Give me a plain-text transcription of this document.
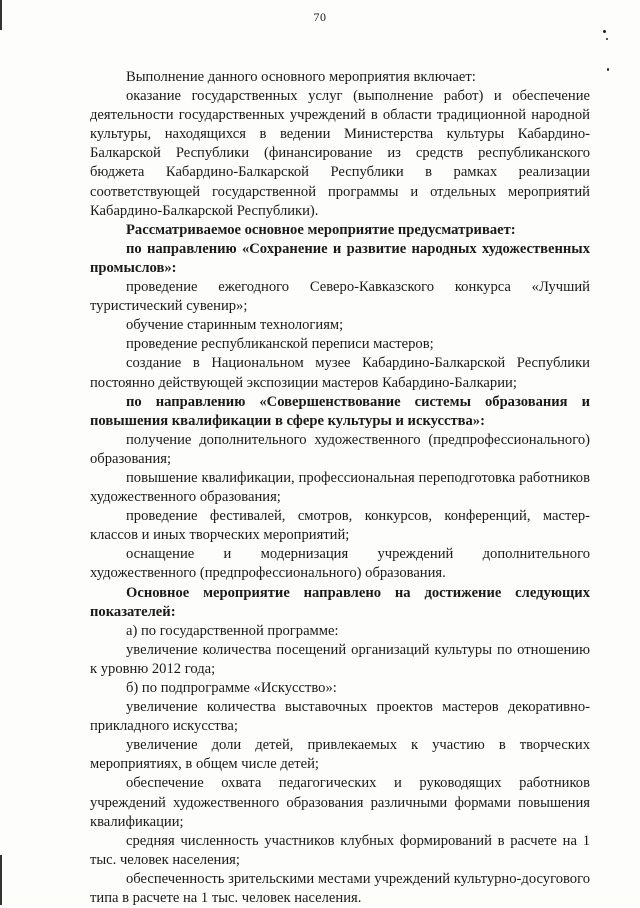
70

Выполнение данного основного мероприятия включает:

оказание государственных услуг (выполнение работ) и обеспечение деятельности государственных учреждений в области традиционной народной культуры, находящихся в ведении Министерства культуры Кабардино-Балкарской Республики (финансирование из средств республиканского бюджета Кабардино-Балкарской Республики в рамках реализации соответствующей государственной программы и отдельных мероприятий Кабардино-Балкарской Республики).

Рассматриваемое основное мероприятие предусматривает:

по направлению «Сохранение и развитие народных художественных промыслов»:

проведение ежегодного Северо-Кавказского конкурса «Лучший туристический сувенир»;

обучение старинным технологиям;

проведение республиканской переписи мастеров;

создание в Национальном музее Кабардино-Балкарской Республики постоянно действующей экспозиции мастеров Кабардино-Балкарии;

по направлению «Совершенствование системы образования и повышения квалификации в сфере культуры и искусства»:

получение дополнительного художественного (предпрофессионального) образования;

повышение квалификации, профессиональная переподготовка работников художественного образования;

проведение фестивалей, смотров, конкурсов, конференций, мастер-классов и иных творческих мероприятий;

оснащение и модернизация учреждений дополнительного художественного (предпрофессионального) образования.

Основное мероприятие направлено на достижение следующих показателей:

а) по государственной программе:

увеличение количества посещений организаций культуры по отношению к уровню 2012 года;

б) по подпрограмме «Искусство»:

увеличение количества выставочных проектов мастеров декоративно-прикладного искусства;

увеличение доли детей, привлекаемых к участию в творческих мероприятиях, в общем числе детей;

обеспечение охвата педагогических и руководящих работников учреждений художественного образования различными формами повышения квалификации;

средняя численность участников клубных формирований в расчете на 1 тыс. человек населения;

обеспеченность зрительскими местами учреждений культурно-досугового типа в расчете на 1 тыс. человек населения.
